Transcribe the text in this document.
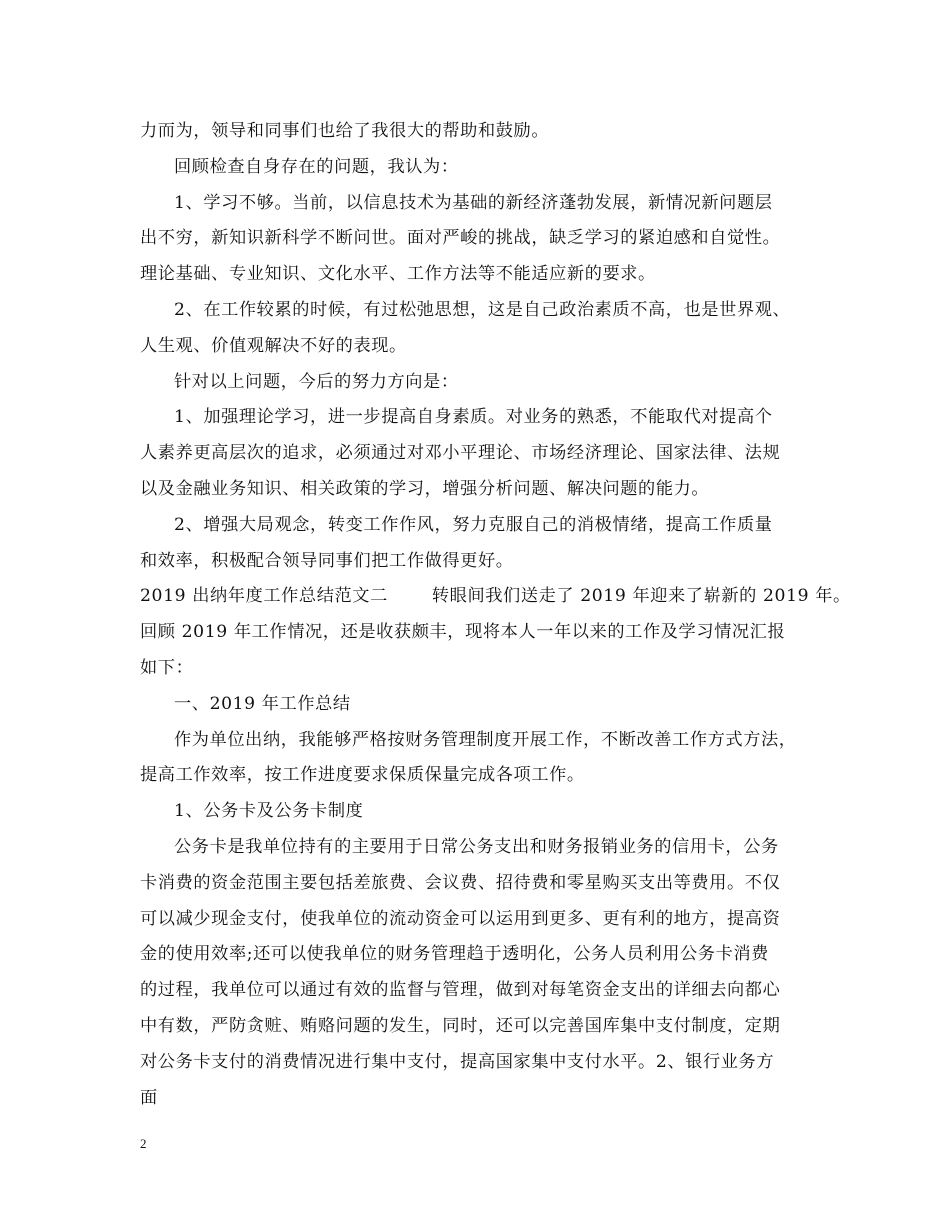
力而为，领导和同事们也给了我很大的帮助和鼓励。
回顾检查自身存在的问题，我认为：
1、学习不够。当前，以信息技术为基础的新经济蓬勃发展，新情况新问题层
出不穷，新知识新科学不断问世。面对严峻的挑战，缺乏学习的紧迫感和自觉性。
理论基础、专业知识、文化水平、工作方法等不能适应新的要求。
2、在工作较累的时候，有过松弛思想，这是自己政治素质不高，也是世界观、
人生观、价值观解决不好的表现。
针对以上问题，今后的努力方向是：
1、加强理论学习，进一步提高自身素质。对业务的熟悉，不能取代对提高个
人素养更高层次的追求，必须通过对邓小平理论、市场经济理论、国家法律、法规
以及金融业务知识、相关政策的学习，增强分析问题、解决问题的能力。
2、增强大局观念，转变工作作风，努力克服自己的消极情绪，提高工作质量
和效率，积极配合领导同事们把工作做得更好。
2019 出纳年度工作总结范文二	转眼间我们送走了 2019 年迎来了崭新的 2019 年。
回顾 2019 年工作情况，还是收获颇丰，现将本人一年以来的工作及学习情况汇报
如下：
一、2019 年工作总结
作为单位出纳，我能够严格按财务管理制度开展工作，不断改善工作方式方法，
提高工作效率，按工作进度要求保质保量完成各项工作。
1、公务卡及公务卡制度
公务卡是我单位持有的主要用于日常公务支出和财务报销业务的信用卡，公务
卡消费的资金范围主要包括差旅费、会议费、招待费和零星购买支出等费用。不仅
可以减少现金支付，使我单位的流动资金可以运用到更多、更有利的地方，提高资
金的使用效率;还可以使我单位的财务管理趋于透明化，公务人员利用公务卡消费
的过程，我单位可以通过有效的监督与管理，做到对每笔资金支出的详细去向都心
中有数，严防贪赃、贿赂问题的发生，同时，还可以完善国库集中支付制度，定期
对公务卡支付的消费情况进行集中支付，提高国家集中支付水平。2、银行业务方
面
2
